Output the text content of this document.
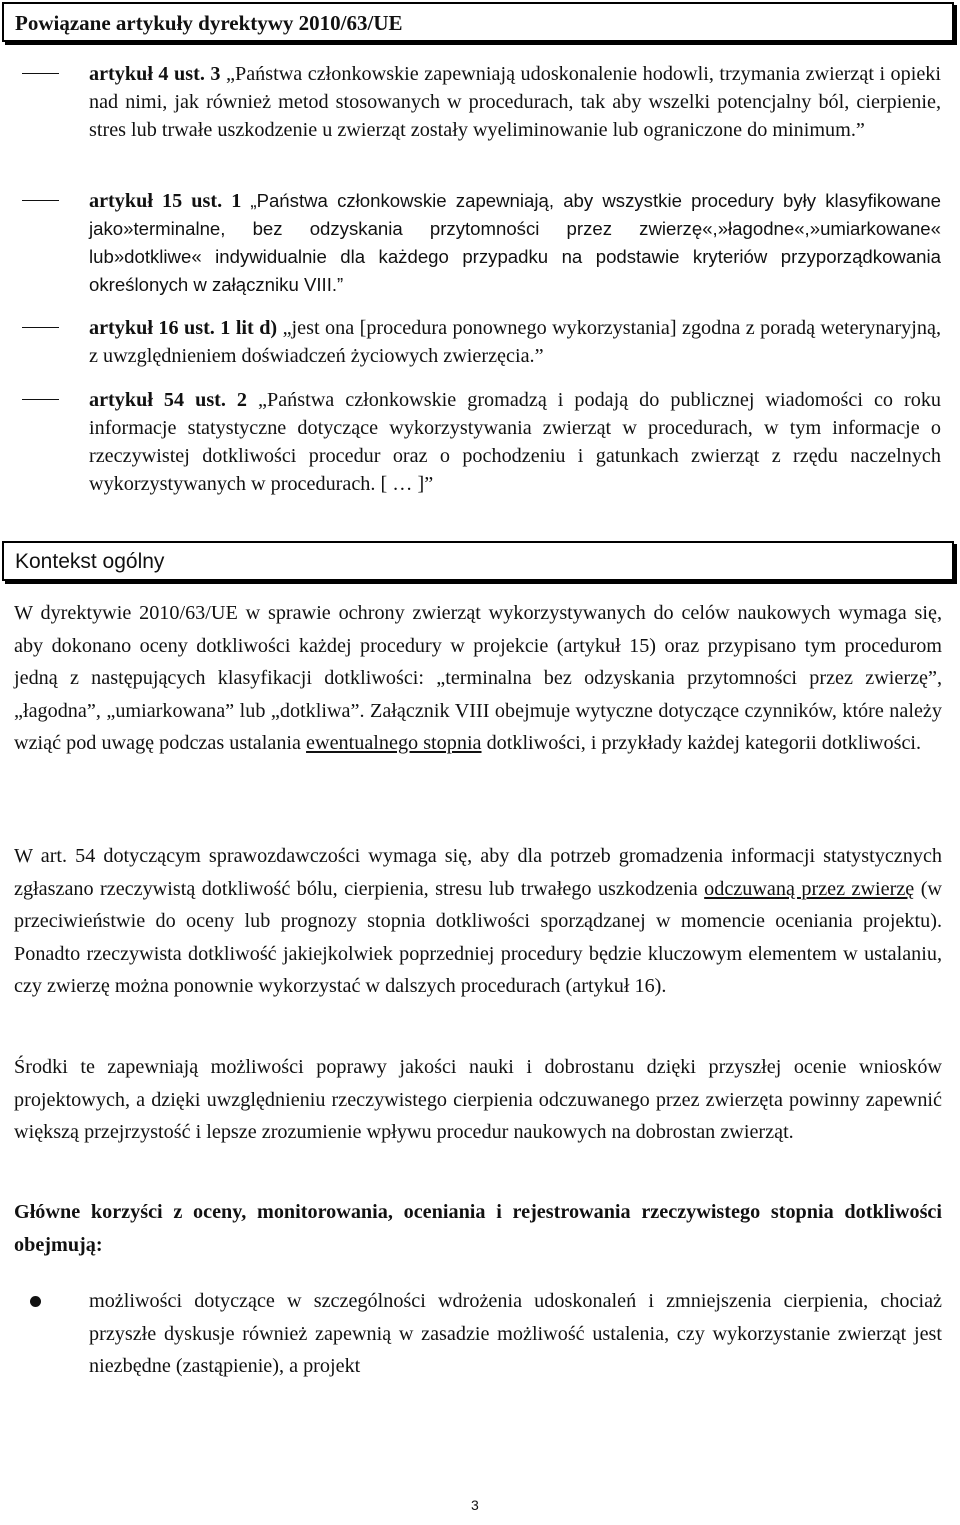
Powiązane artykuły dyrektywy 2010/63/UE
artykuł 4 ust. 3 „Państwa członkowskie zapewniają udoskonalenie hodowli, trzymania zwierząt i opieki nad nimi, jak również metod stosowanych w procedurach, tak aby wszelki potencjalny ból, cierpienie, stres lub trwałe uszkodzenie u zwierząt zostały wyeliminowanie lub ograniczone do minimum.”
artykuł 15 ust. 1 „Państwa członkowskie zapewniają, aby wszystkie procedury były klasyfikowane jako»terminalne, bez odzyskania przytomności przez zwierzę«,»łagodne«,»umiarkowane« lub»dotkliwe« indywidualnie dla każdego przypadku na podstawie kryteriów przyporządkowania określonych w załączniku VIII.”
artykuł 16 ust. 1 lit d) „jest ona [procedura ponownego wykorzystania] zgodna z poradą weterynaryjną, z uwzględnieniem doświadczeń życiowych zwierzęcia.”
artykuł 54 ust. 2 „Państwa członkowskie gromadzą i podają do publicznej wiadomości co roku informacje statystyczne dotyczące wykorzystywania zwierząt w procedurach, w tym informacje o rzeczywistej dotkliwości procedur oraz o pochodzeniu i gatunkach zwierząt z rzędu naczelnych wykorzystywanych w procedurach. [ … ]”
Kontekst ogólny
W dyrektywie 2010/63/UE w sprawie ochrony zwierząt wykorzystywanych do celów naukowych wymaga się, aby dokonano oceny dotkliwości każdej procedury w projekcie (artykuł 15) oraz przypisano tym procedurom jedną z następujących klasyfikacji dotkliwości: „terminalna bez odzyskania przytomności przez zwierzę”, „łagodna”, „umiarkowana” lub „dotkliwa”. Załącznik VIII obejmuje wytyczne dotyczące czynników, które należy wziąć pod uwagę podczas ustalania ewentualnego stopnia dotkliwości, i przykłady każdej kategorii dotkliwości.
W art. 54 dotyczącym sprawozdawczości wymaga się, aby dla potrzeb gromadzenia informacji statystycznych zgłaszano rzeczywistą dotkliwość bólu, cierpienia, stresu lub trwałego uszkodzenia odczuwaną przez zwierzę (w przeciwieństwie do oceny lub prognozy stopnia dotkliwości sporządzanej w momencie oceniania projektu). Ponadto rzeczywista dotkliwość jakiejkolwiek poprzedniej procedury będzie kluczowym elementem w ustalaniu, czy zwierzę można ponownie wykorzystać w dalszych procedurach (artykuł 16).
Środki te zapewniają możliwości poprawy jakości nauki i dobrostanu dzięki przyszłej ocenie wniosków projektowych, a dzięki uwzględnieniu rzeczywistego cierpienia odczuwanego przez zwierzęta powinny zapewnić większą przejrzystość i lepsze zrozumienie wpływu procedur naukowych na dobrostan zwierząt.
Główne korzyści z oceny, monitorowania, oceniania i rejestrowania rzeczywistego stopnia dotkliwości obejmują:
możliwości dotyczące w szczególności wdrożenia udoskonaleń i zmniejszenia cierpienia, chociaż przyszłe dyskusje również zapewnią w zasadzie możliwość ustalenia, czy wykorzystanie zwierząt jest niezbędne (zastąpienie), a projekt
3
